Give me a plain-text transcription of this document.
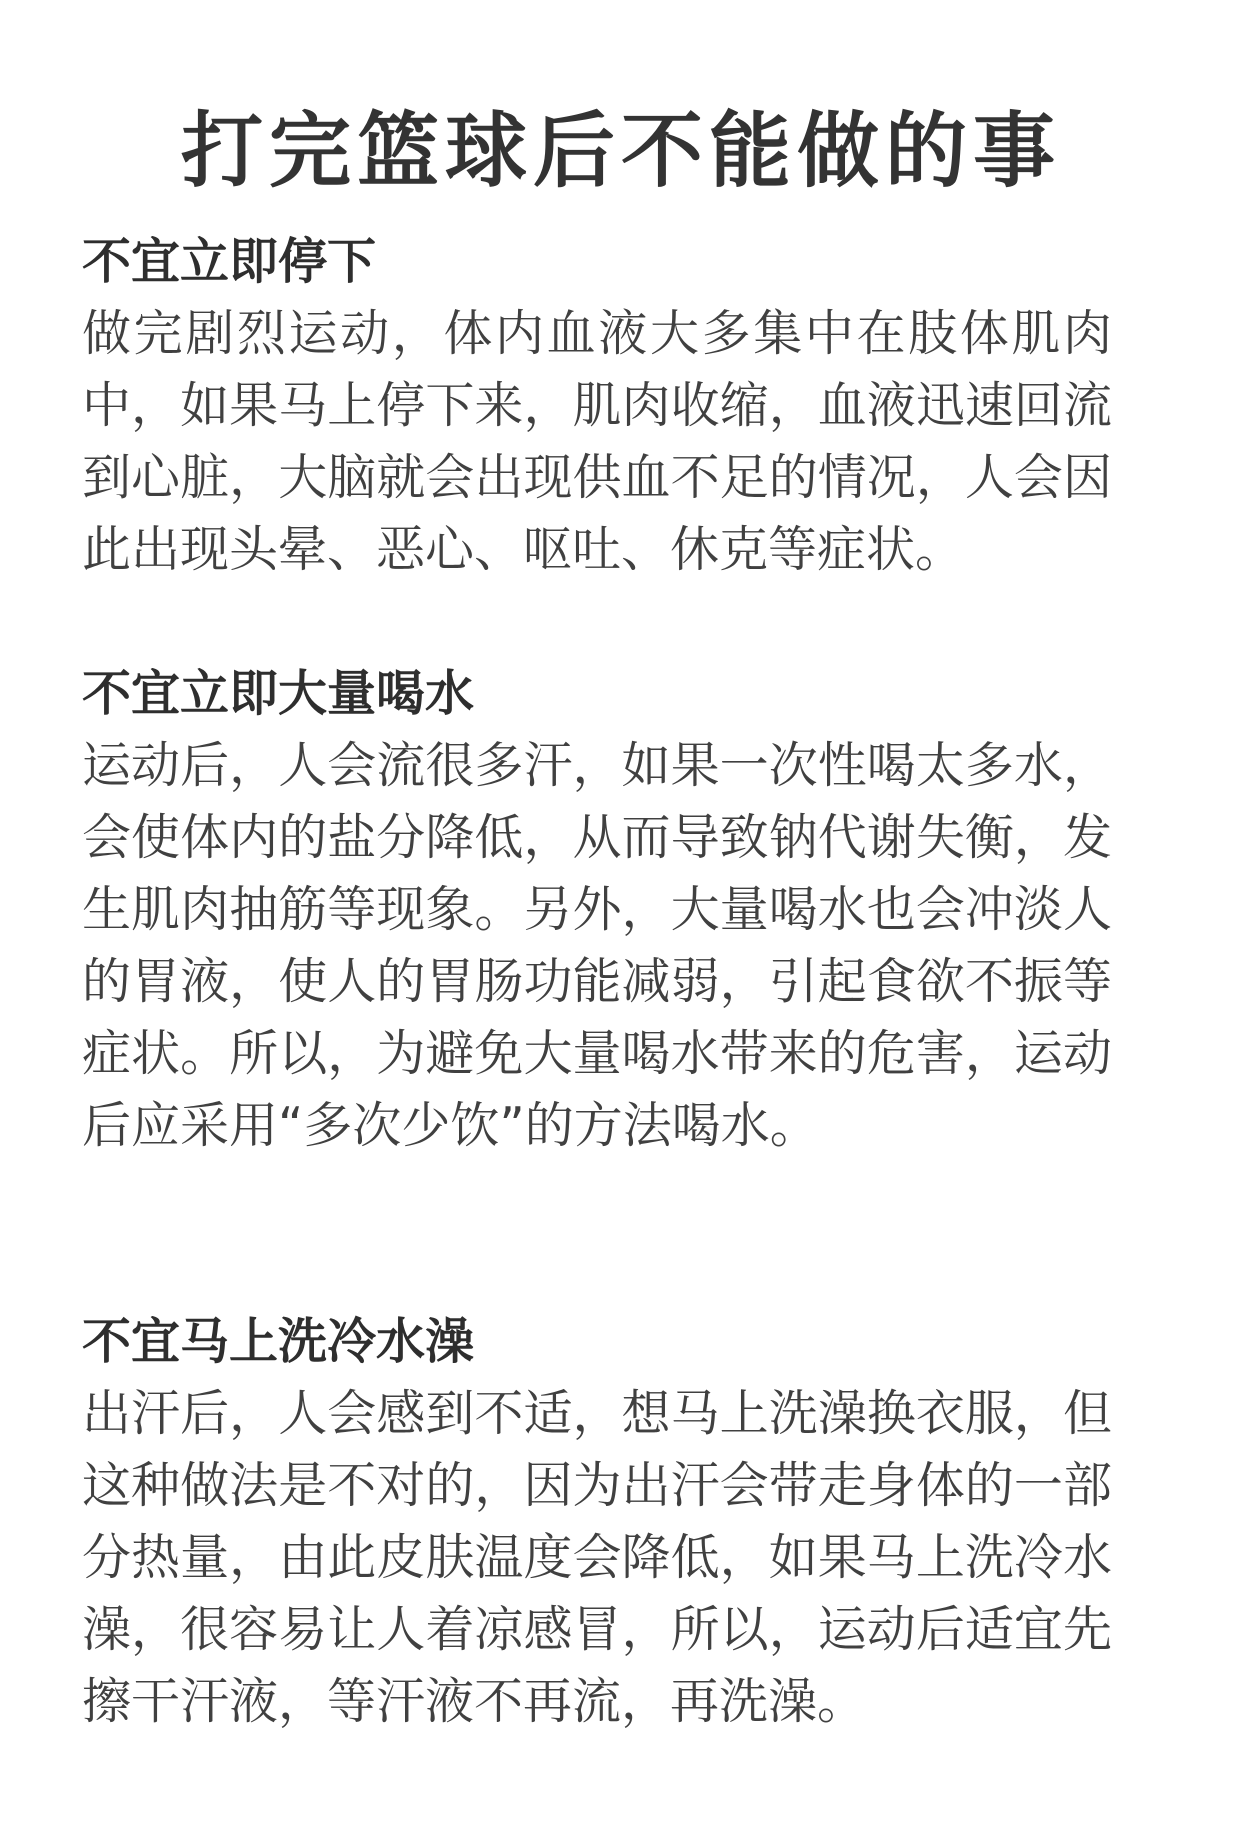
打完篮球后不能做的事

不宜立即停下

做完剧烈运动，体内血液大多集中在肢体肌肉中，如果马上停下来，肌肉收缩，血液迅速回流到心脏，大脑就会出现供血不足的情况，人会因此出现头晕、恶心、呕吐、休克等症状。

不宜立即大量喝水

运动后，人会流很多汗，如果一次性喝太多水，会使体内的盐分降低，从而导致钠代谢失衡，发生肌肉抽筋等现象。另外，大量喝水也会冲淡人的胃液，使人的胃肠功能减弱，引起食欲不振等症状。所以，为避免大量喝水带来的危害，运动后应采用“多次少饮”的方法喝水。

不宜马上洗冷水澡

出汗后，人会感到不适，想马上洗澡换衣服，但这种做法是不对的，因为出汗会带走身体的一部分热量，由此皮肤温度会降低，如果马上洗冷水澡，很容易让人着凉感冒，所以，运动后适宜先擦干汗液，等汗液不再流，再洗澡。
